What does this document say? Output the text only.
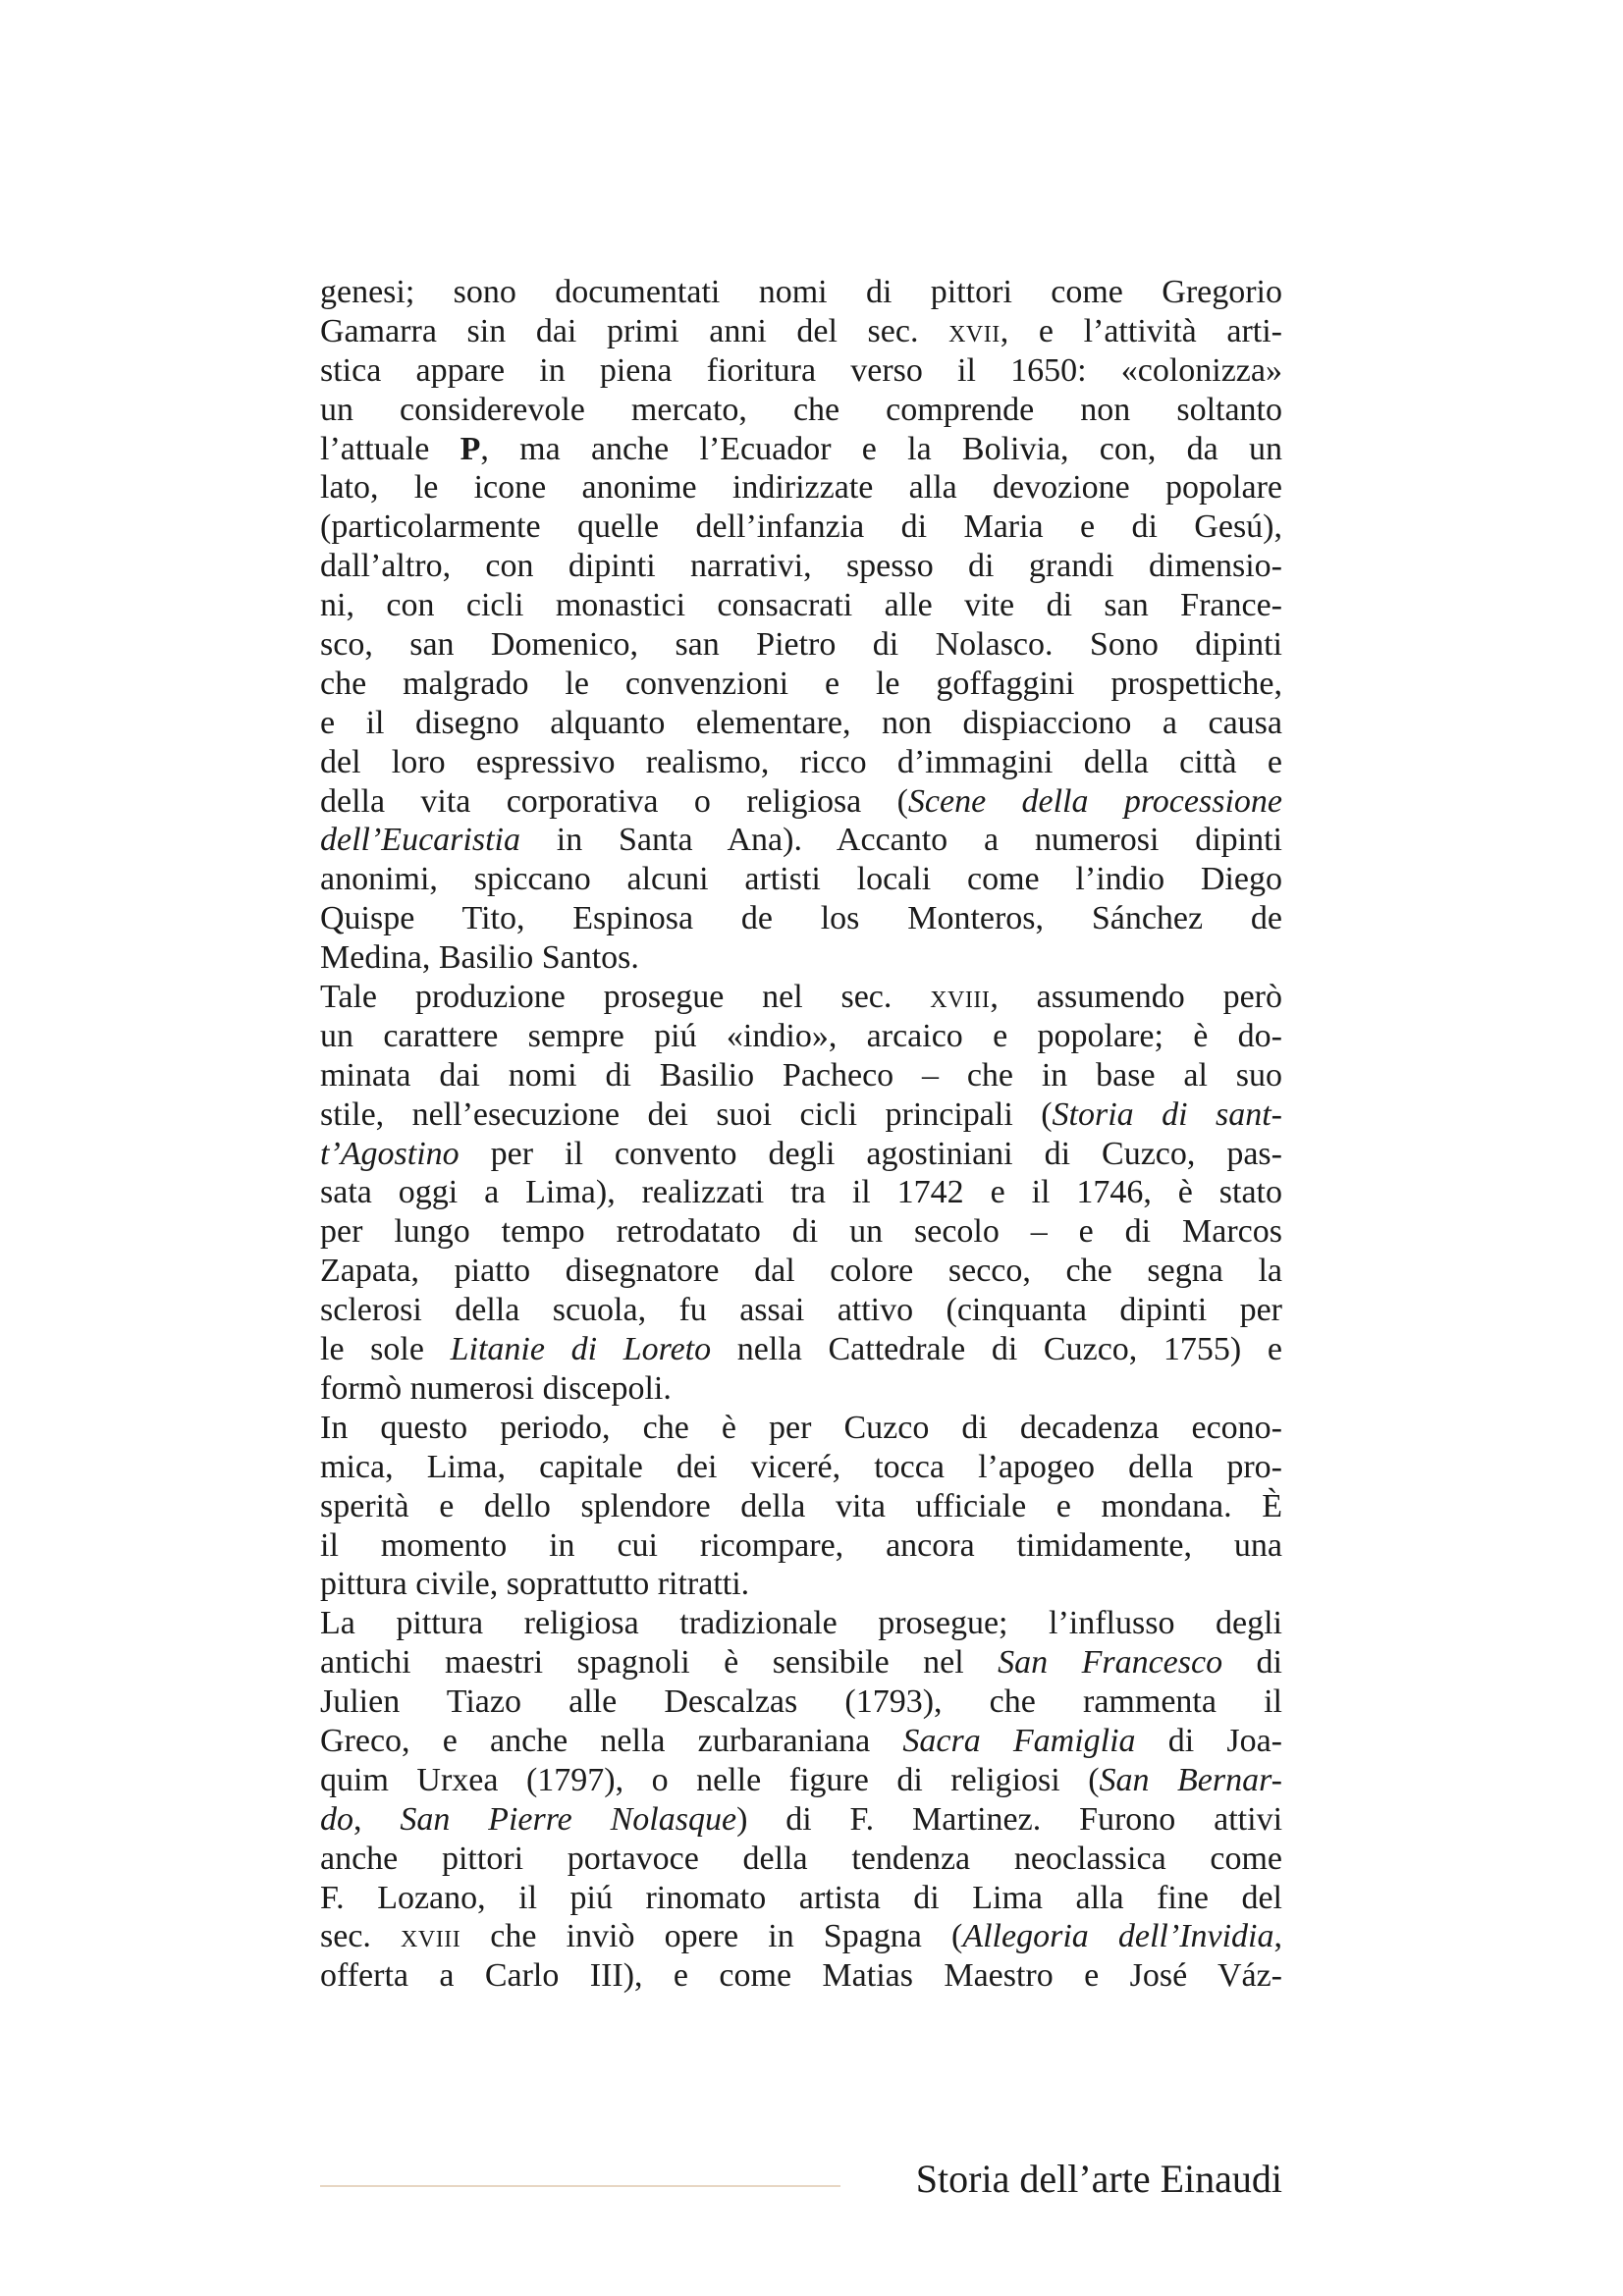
genesi; sono documentati nomi di pittori come Gregorio
Gamarra sin dai primi anni del sec. xvii, e l’attività arti-
stica appare in piena fioritura verso il 1650: «colonizza»
un considerevole mercato, che comprende non soltanto
l’attuale P, ma anche l’Ecuador e la Bolivia, con, da un
lato, le icone anonime indirizzate alla devozione popolare
(particolarmente quelle dell’infanzia di Maria e di Gesú),
dall’altro, con dipinti narrativi, spesso di grandi dimensio-
ni, con cicli monastici consacrati alle vite di san France-
sco, san Domenico, san Pietro di Nolasco. Sono dipinti
che malgrado le convenzioni e le goffaggini prospettiche,
e il disegno alquanto elementare, non dispiacciono a causa
del loro espressivo realismo, ricco d’immagini della città e
della vita corporativa o religiosa (Scene della processione
dell’Eucaristia in Santa Ana). Accanto a numerosi dipinti
anonimi, spiccano alcuni artisti locali come l’indio Diego
Quispe Tito, Espinosa de los Monteros, Sánchez de
Medina, Basilio Santos.
Tale produzione prosegue nel sec. xviii, assumendo però
un carattere sempre piú «indio», arcaico e popolare; è do-
minata dai nomi di Basilio Pacheco – che in base al suo
stile, nell’esecuzione dei suoi cicli principali (Storia di sant-
t’Agostino per il convento degli agostiniani di Cuzco, pas-
sata oggi a Lima), realizzati tra il 1742 e il 1746, è stato
per lungo tempo retrodatato di un secolo – e di Marcos
Zapata, piatto disegnatore dal colore secco, che segna la
sclerosi della scuola, fu assai attivo (cinquanta dipinti per
le sole Litanie di Loreto nella Cattedrale di Cuzco, 1755) e
formò numerosi discepoli.
In questo periodo, che è per Cuzco di decadenza econo-
mica, Lima, capitale dei viceré, tocca l’apogeo della pro-
sperità e dello splendore della vita ufficiale e mondana. È
il momento in cui ricompare, ancora timidamente, una
pittura civile, soprattutto ritratti.
La pittura religiosa tradizionale prosegue; l’influsso degli
antichi maestri spagnoli è sensibile nel San Francesco di
Julien Tiazo alle Descalzas (1793), che rammenta il
Greco, e anche nella zurbaraniana Sacra Famiglia di Joa-
quim Urxea (1797), o nelle figure di religiosi (San Bernar-
do, San Pierre Nolasque) di F. Martinez. Furono attivi
anche pittori portavoce della tendenza neoclassica come
F. Lozano, il piú rinomato artista di Lima alla fine del
sec. xviii che inviò opere in Spagna (Allegoria dell’Invidia,
offerta a Carlo III), e come Matias Maestro e José Váz-
Storia dell’arte Einaudi
